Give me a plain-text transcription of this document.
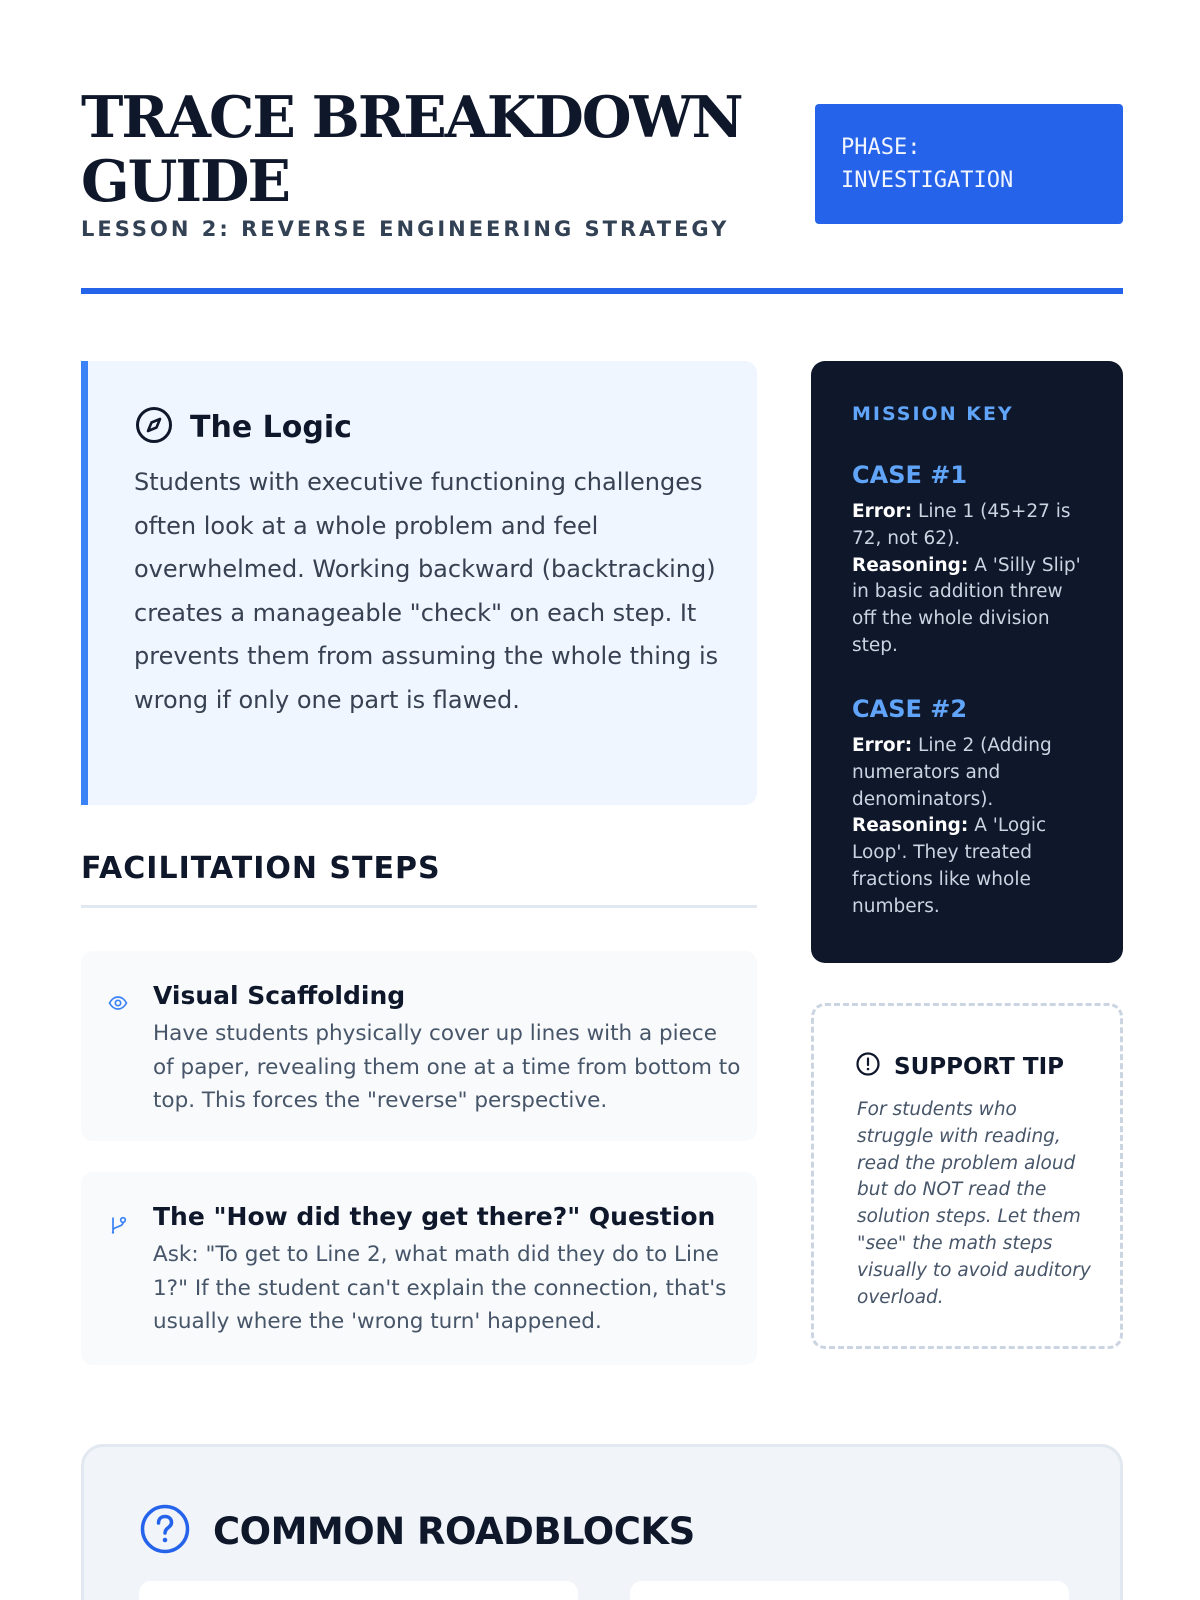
TRACE BREAKDOWN GUIDE
LESSON 2: REVERSE ENGINEERING STRATEGY
PHASE:
INVESTIGATION
The Logic

Students with executive functioning challenges often look at a whole problem and feel overwhelmed. Working backward (backtracking) creates a manageable "check" on each step. It prevents them from assuming the whole thing is wrong if only one part is flawed.

FACILITATION STEPS
Visual Scaffolding

Have students physically cover up lines with a piece of paper, revealing them one at a time from bottom to top. This forces the "reverse" perspective.

The "How did they get there?" Question

Ask: "To get to Line 2, what math did they do to Line 1?" If the student can't explain the connection, that's usually where the 'wrong turn' happened.

MISSION KEY
CASE #1
Error: Line 1 (45+27 is 72, not 62).
Reasoning: A 'Silly Slip' in basic addition threw off the whole division step.
CASE #2
Error: Line 2 (Adding numerators and denominators).
Reasoning: A 'Logic Loop'. They treated fractions like whole numbers.
SUPPORT TIP

For students who struggle with reading, read the problem aloud but do NOT read the solution steps. Let them "see" the math steps visually to avoid auditory overload.

COMMON ROADBLOCKS
